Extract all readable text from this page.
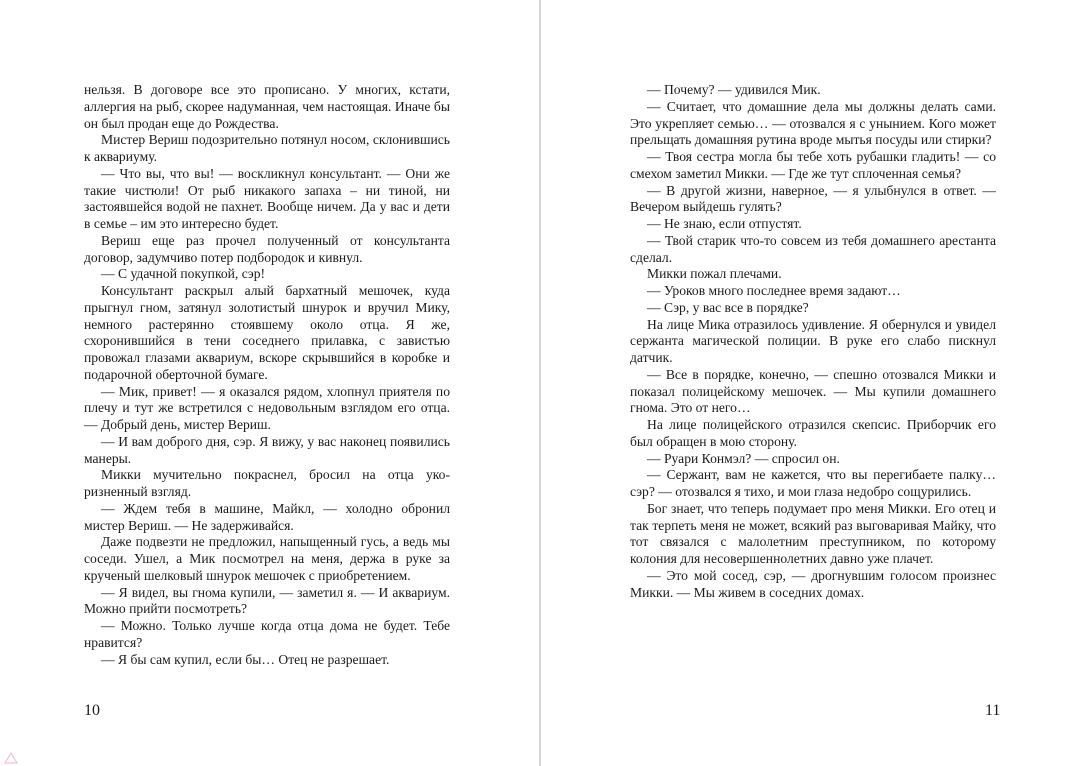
нельзя. В договоре все это прописано. У многих, кстати, аллергия на рыб, скорее надуманная, чем настоящая. Иначе бы он был продан еще до Рождества.

Мистер Вериш подозрительно потянул носом, склонившись к аквариуму.

— Что вы, что вы! — воскликнул консультант. — Они же такие чистюли! От рыб никакого запаха – ни тиной, ни застоявшейся водой не пахнет. Вообще ничем. Да у вас и дети в семье – им это интересно будет.

Вериш еще раз прочел полученный от консультанта договор, задумчиво потер подбородок и кивнул.

— С удачной покупкой, сэр!

Консультант раскрыл алый бархатный мешочек, куда прыгнул гном, затянул золотистый шнурок и вручил Мику, немного растерянно стоявшему около отца. Я же, схоронившийся в тени соседнего прилавка, с завистью провожал глазами аквариум, вскоре скрывшийся в коробке и подарочной оберточной бумаге.

— Мик, привет! — я оказался рядом, хлопнул приятеля по плечу и тут же встретился с недовольным взглядом его отца. — Добрый день, мистер Вериш.

— И вам доброго дня, сэр. Я вижу, у вас наконец появились манеры.

Микки мучительно покраснел, бросил на отца укоризненный взгляд.

— Ждем тебя в машине, Майкл, — холодно обронил мистер Вериш. — Не задерживайся.

Даже подвезти не предложил, напыщенный гусь, а ведь мы соседи. Ушел, а Мик посмотрел на меня, держа в руке за крученый шелковый шнурок мешочек с приобретением.

— Я видел, вы гнома купили, — заметил я. — И аквариум. Можно прийти посмотреть?

— Можно. Только лучше когда отца дома не будет. Тебе нравится?

— Я бы сам купил, если бы… Отец не разрешает.

10

— Почему? — удивился Мик.

— Считает, что домашние дела мы должны делать сами. Это укрепляет семью… — отозвался я с унынием. Кого может прельщать домашняя рутина вроде мытья посуды или стирки?

— Твоя сестра могла бы тебе хоть рубашки гладить! — со смехом заметил Микки. — Где же тут сплоченная семья?

— В другой жизни, наверное, — я улыбнулся в ответ. — Вечером выйдешь гулять?

— Не знаю, если отпустят.

— Твой старик что-то совсем из тебя домашнего арестанта сделал.

Микки пожал плечами.

— Уроков много последнее время задают…

— Сэр, у вас все в порядке?

На лице Мика отразилось удивление. Я обернулся и увидел сержанта магической полиции. В руке его слабо пискнул датчик.

— Все в порядке, конечно, — спешно отозвался Микки и показал полицейскому мешочек. — Мы купили домашнего гнома. Это от него…

На лице полицейского отразился скепсис. Приборчик его был обращен в мою сторону.

— Руари Конмэл? — спросил он.

— Сержант, вам не кажется, что вы перегибаете палку… сэр? — отозвался я тихо, и мои глаза недобро сощурились.

Бог знает, что теперь подумает про меня Микки. Его отец и так терпеть меня не может, всякий раз выговаривая Майку, что тот связался с малолетним преступником, по которому колония для несовершеннолетних давно уже плачет.

— Это мой сосед, сэр, — дрогнувшим голосом произнес Микки. — Мы живем в соседних домах.

11
